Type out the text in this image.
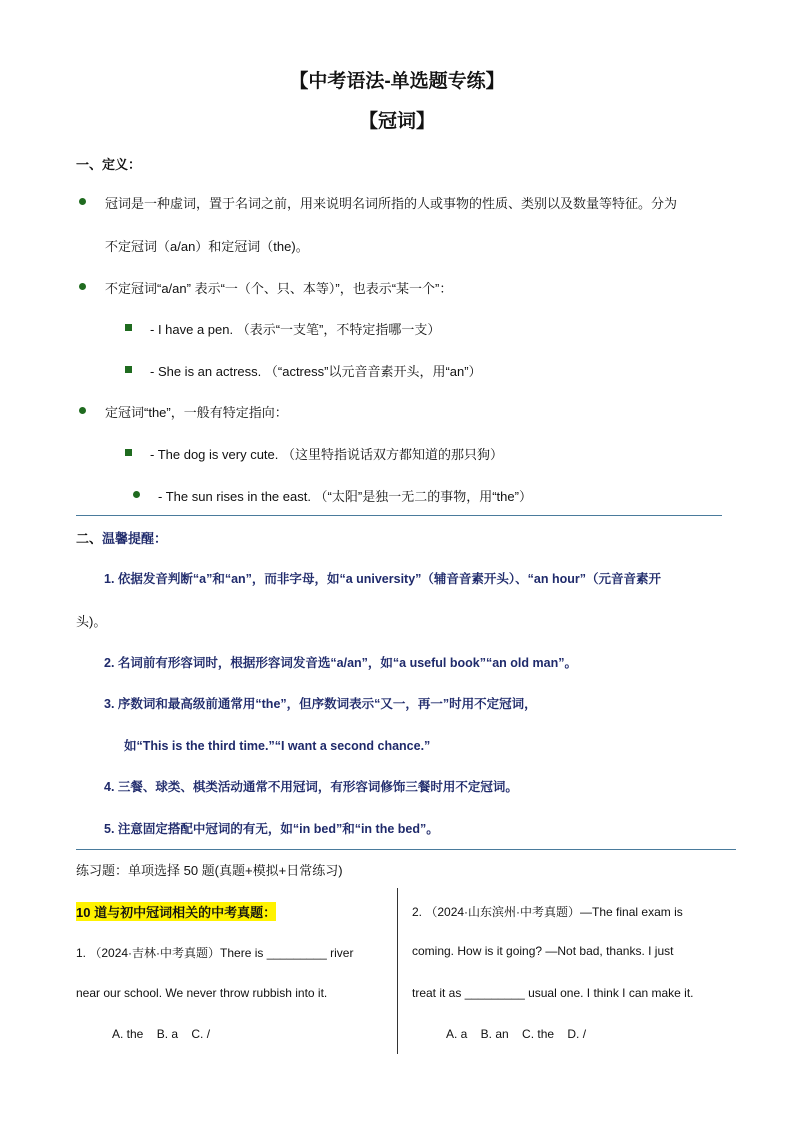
【中考语法-单选题专练】
【冠词】
一、定义：
冠词是一种虚词，置于名词之前，用来说明名词所指的人或事物的性质、类别以及数量等特征。分为
不定冠词（a/an）和定冠词（the)。
不定冠词“a/an” 表示“一（个、只、本等）”，也表示“某一个”：
- I have a pen. （表示“一支笔”，不特定指哪一支）
- She is an actress. （“actress”以元音音素开头，用“an”）
定冠词“the”，一般有特定指向：
- The dog is very cute. （这里特指说话双方都知道的那只狗）
- The sun rises in the east. （“太阳”是独一无二的事物，用“the”）
二、温馨提醒：
1. 依据发音判断“a”和“an”，而非字母，如“a university”（辅音音素开头）、“an hour”（元音音素开
头)。
2. 名词前有形容词时，根据形容词发音选“a/an”，如“a useful book”“an old man”。
3. 序数词和最高级前通常用“the”，但序数词表示“又一，再一”时用不定冠词，
如“This is the third time.”“I want a second chance.”
4. 三餐、球类、棋类活动通常不用冠词，有形容词修饰三餐时用不定冠词。
5. 注意固定搭配中冠词的有无，如“in bed”和“in the bed”。
练习题：单项选择 50 题(真题+模拟+日常练习)
10 道与初中冠词相关的中考真题：
1. （2024·吉林·中考真题）There is _________ river
near our school. We never throw rubbish into it.
A. the    B. a    C. /
2. （2024·山东滨州·中考真题）—The final exam is
coming. How is it going? —Not bad, thanks. I just
treat it as _________ usual one. I think I can make it.
A. a    B. an    C. the    D. /
